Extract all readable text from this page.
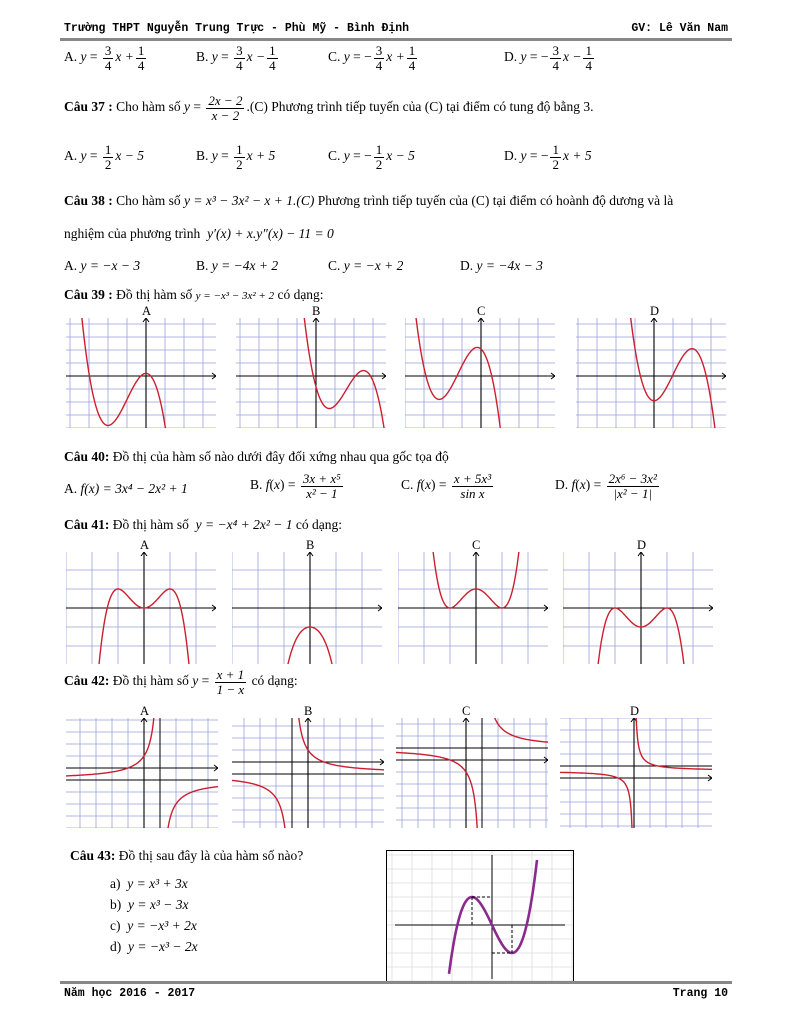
Trường THPT Nguyễn Trung Trực - Phù Mỹ - Bình Định	GV: Lê Văn Nam
A. $y = \frac{3}{4}$ $x + \frac{1}{4}$	B. $y = \frac{3}{4}$ $x - \frac{1}{4}$	C. y = − $\frac{3}{4}$ $x + \frac{1}{4}$	D. y = − $\frac{3}{4}$ $x - \frac{1}{4}$
Câu 37 : Cho hàm số $y = \frac{2x - 2}{x - 2} .(C)$ Phương trình tiếp tuyến của (C) tại điểm có tung độ bằng 3.
A. $y = \frac{1}{2}$ x − 5	B. $y = \frac{1}{2}$ x + 5	C. y = − $\frac{1}{2}$ x − 5	D. y = − $\frac{1}{2}$ x + 5
Câu 38 : Cho hàm số y = x³ − 3x² − x + 1.(C) Phương trình tiếp tuyến của (C) tại điểm có hoành độ dương và là
nghiệm của phương trình y′(x) + x.y″(x) − 11 = 0
A. y = −x − 3	B. y = −4x + 2	C. y = −x + 2	D. y = −4x − 3
Câu 39 : Đồ thị hàm số y = −x³ − 3x² + 2 có dạng:
A	B	C	D
Câu 40: Đồ thị của hàm số nào dưới đây đối xứng nhau qua gốc tọa độ
A. f(x) = 3x⁴ − 2x² + 1	B. $f(x) = \frac{\text{3x + x⁵}}{\text{x² − 1}}$	C. $f(x) = \frac{\text{x + 5x³}}{\text{sin x}}$	D. $f(x) = \frac{\text{2x⁶ − 3x²}}{\text{|x² − 1|}}$
Câu 41: Đồ thị hàm số y = −x⁴ + 2x² − 1 có dạng:
A	B	C	D
Câu 42: Đồ thị hàm số $y = \frac{x + 1}{1 - x}$ có dạng:
A	B	C	D
Câu 43: Đồ thị sau đây là của hàm số nào?
a)  y = x³ + 3x
b)  y = x³ − 3x
c)  y = −x³ + 2x
d)  y = −x³ − 2x
Năm học 2016 - 2017	Trang 10
